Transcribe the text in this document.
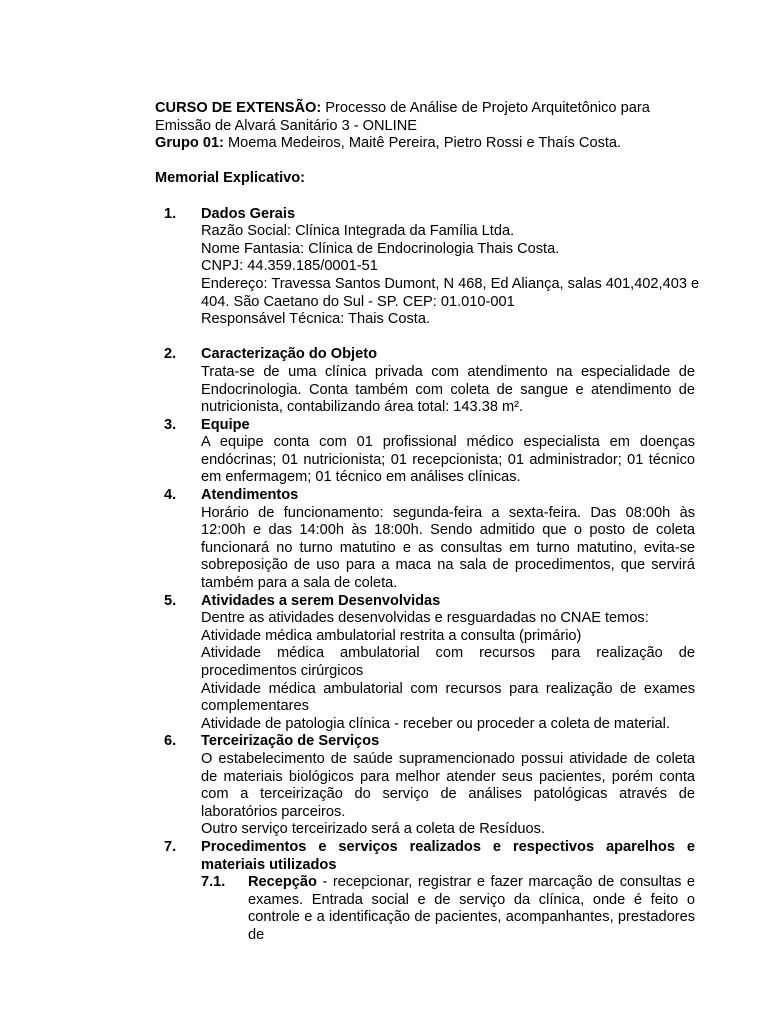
CURSO DE EXTENSÃO: Processo de Análise de Projeto Arquitetônico para
Emissão de Alvará Sanitário 3 - ONLINE
Grupo 01: Moema Medeiros, Maitê Pereira, Pietro Rossi e Thaís Costa.
Memorial Explicativo:
1. Dados Gerais
Razão Social: Clínica Integrada da Família Ltda.
Nome Fantasia: Clínica de Endocrinologia Thais Costa.
CNPJ: 44.359.185/0001-51
Endereço: Travessa Santos Dumont, N 468, Ed Aliança, salas 401,402,403 e
404. São Caetano do Sul - SP. CEP: 01.010-001
Responsável Técnica: Thais Costa.
2. Caracterização do Objeto

Trata-se de uma clínica privada com atendimento na especialidade de Endocrinologia. Conta também com coleta de sangue e atendimento de nutricionista, contabilizando área total: 143.38 m².

3. Equipe

A equipe conta com 01 profissional médico especialista em doenças endócrinas; 01 nutricionista; 01 recepcionista; 01 administrador; 01 técnico em enfermagem; 01 técnico em análises clínicas.

4. Atendimentos

Horário de funcionamento: segunda-feira a sexta-feira. Das 08:00h às 12:00h e das 14:00h às 18:00h. Sendo admitido que o posto de coleta funcionará no turno matutino e as consultas em turno matutino, evita-se sobreposição de uso para a maca na sala de procedimentos, que servirá também para a sala de coleta.

5. Atividades a serem Desenvolvidas

Dentre as atividades desenvolvidas e resguardadas no CNAE temos:

Atividade médica ambulatorial restrita a consulta (primário)

Atividade médica ambulatorial com recursos para realização de procedimentos cirúrgicos

Atividade médica ambulatorial com recursos para realização de exames complementares

Atividade de patologia clínica - receber ou proceder a coleta de material.

6. Terceirização de Serviços

O estabelecimento de saúde supramencionado possui atividade de coleta de materiais biológicos para melhor atender seus pacientes, porém conta com a terceirização do serviço de análises patológicas através de laboratórios parceiros.

Outro serviço terceirizado será a coleta de Resíduos.

7. Procedimentos e serviços realizados e respectivos aparelhos e materiais utilizados

7.1. Recepção - recepcionar, registrar e fazer marcação de consultas e exames. Entrada social e de serviço da clínica, onde é feito o controle e a identificação de pacientes, acompanhantes, prestadores de
